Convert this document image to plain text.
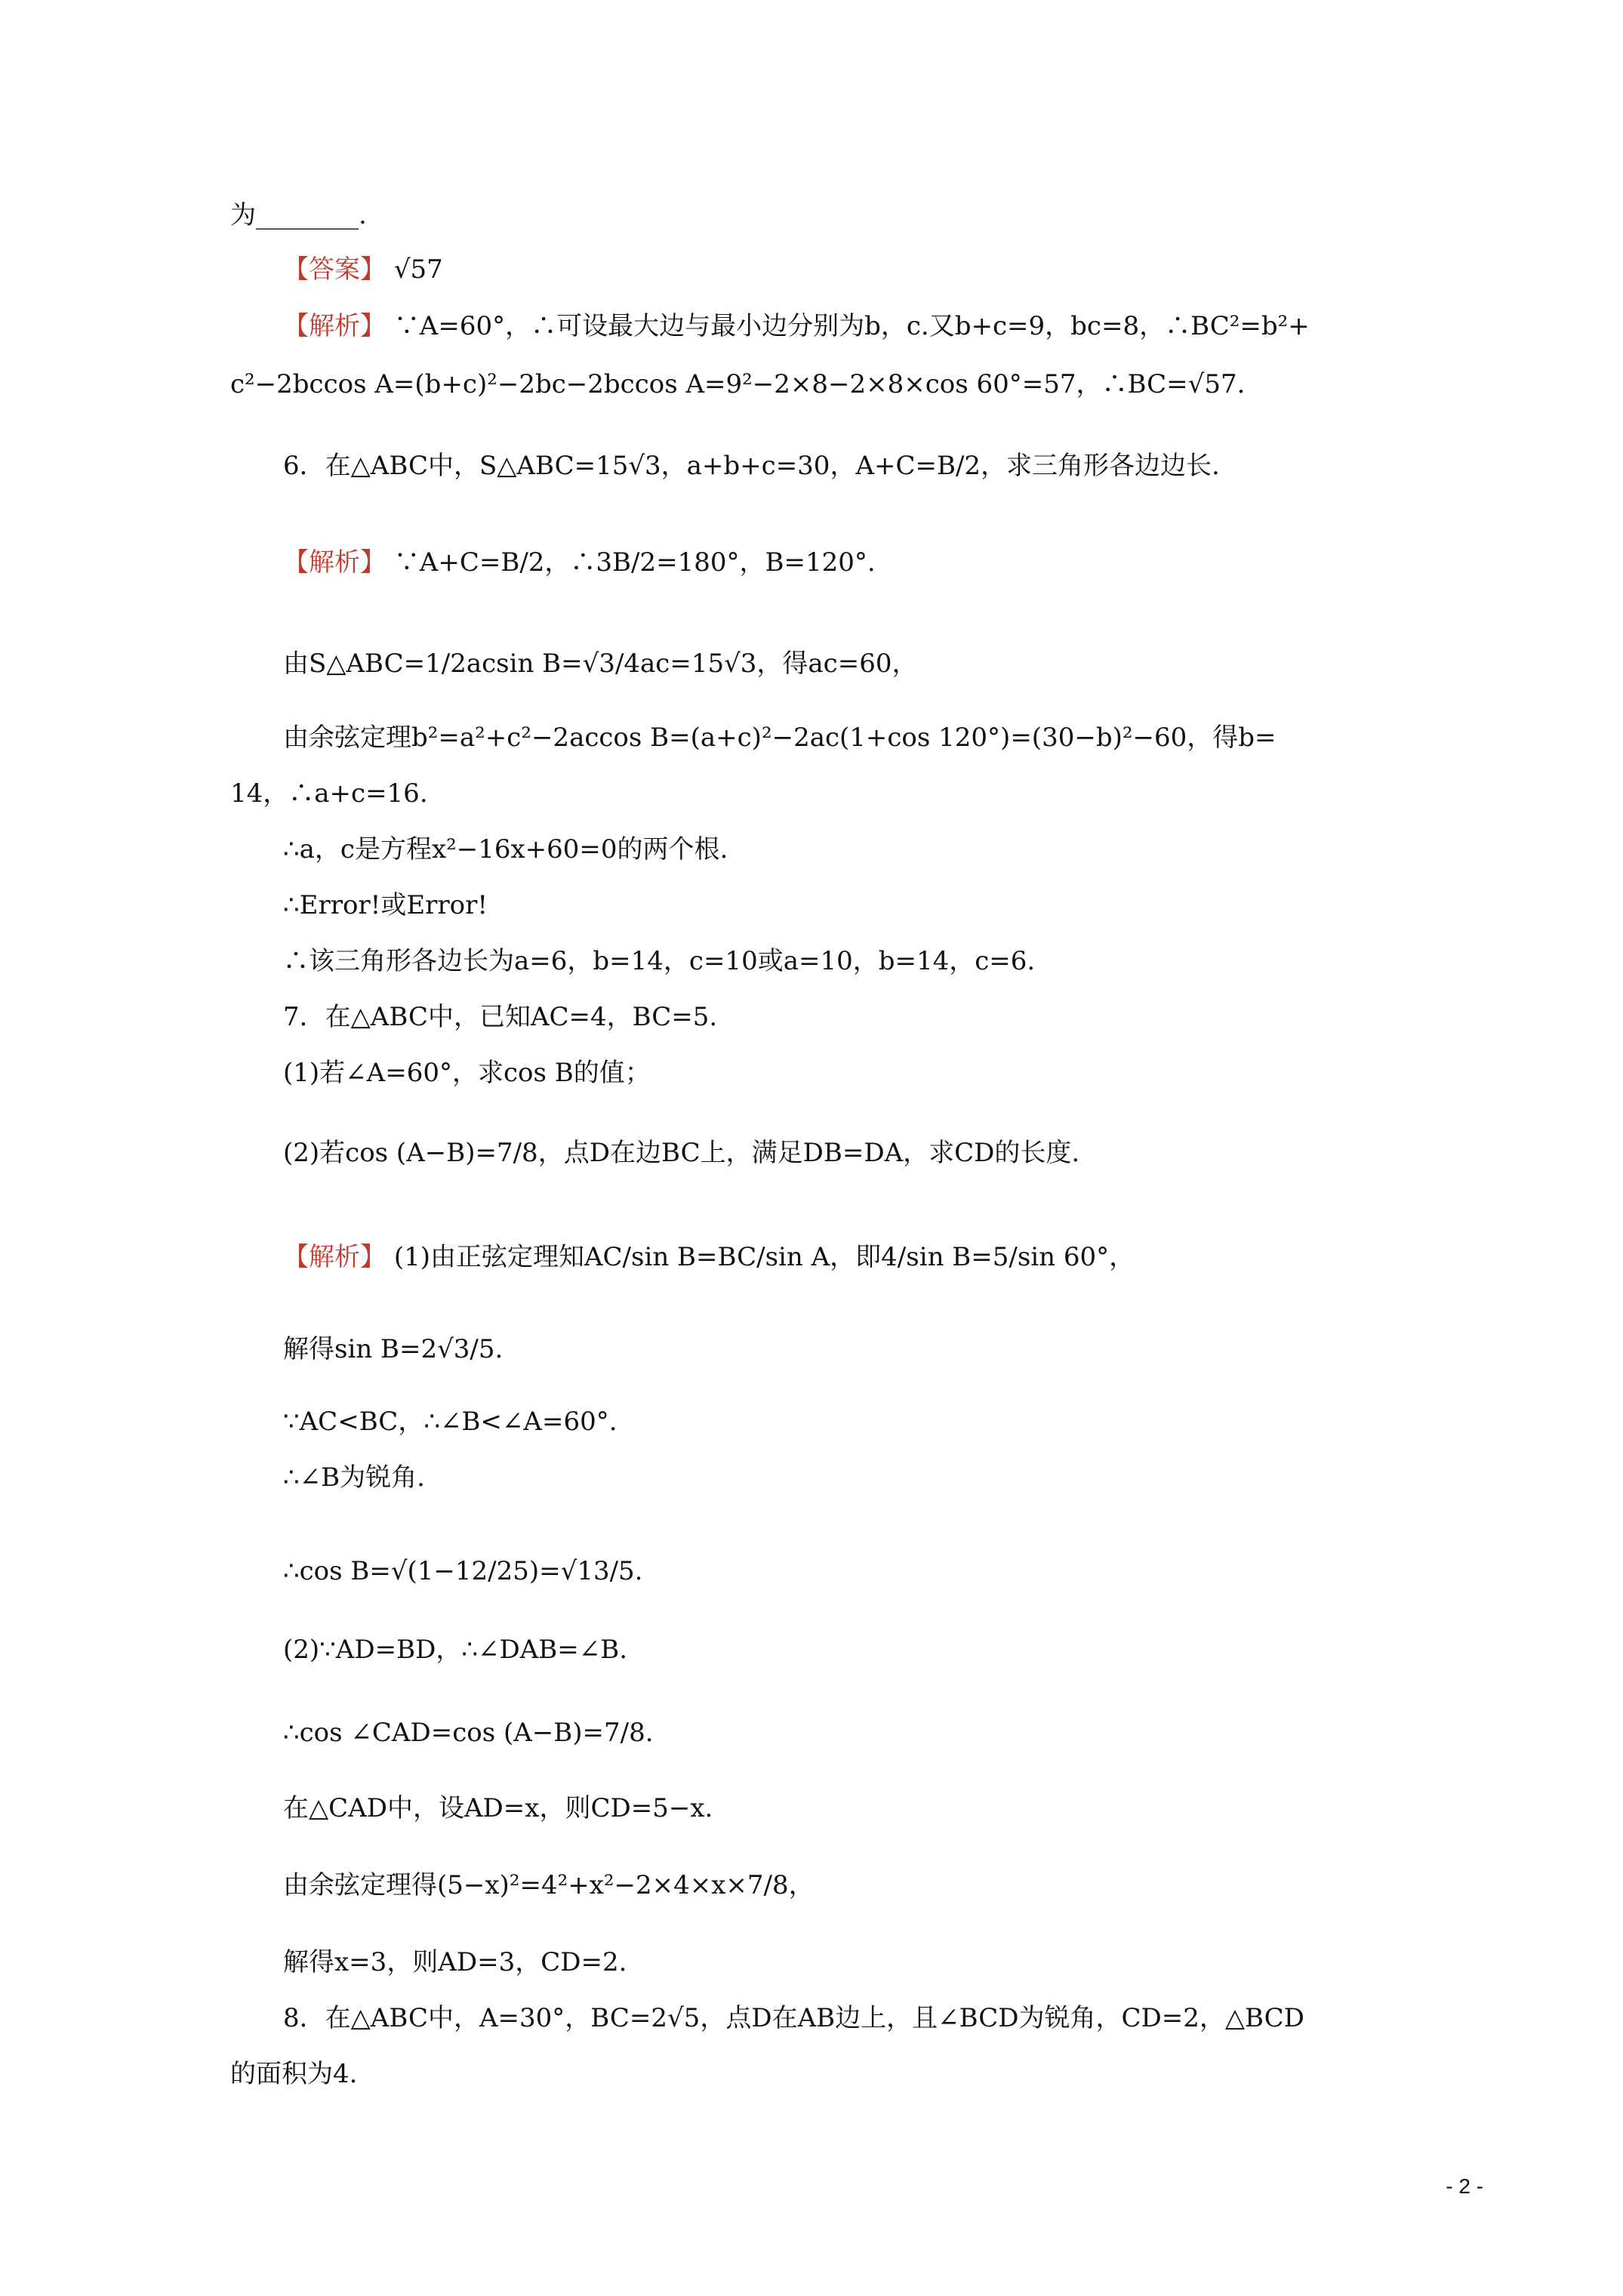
为________.
【答案】 √57
【解析】 ∵A=60°，∴可设最大边与最小边分别为b，c.又b+c=9，bc=8，∴BC²=b²+
c²−2bccos A=(b+c)²−2bc−2bccos A=9²−2×8−2×8×cos 60°=57，∴BC=√57.
6．在△ABC中，S△ABC=15√3，a+b+c=30，A+C=B/2，求三角形各边边长.
【解析】 ∵A+C=B/2，∴3B/2=180°，B=120°.
由S△ABC=1/2acsin B=√3/4ac=15√3，得ac=60，
由余弦定理b²=a²+c²−2accos B=(a+c)²−2ac(1+cos 120°)=(30−b)²−60，得b=
14，∴a+c=16.
∴a，c是方程x²−16x+60=0的两个根.
∴Error!或Error!
∴该三角形各边长为a=6，b=14，c=10或a=10，b=14，c=6.
7．在△ABC中，已知AC=4，BC=5.
(1)若∠A=60°，求cos B的值；
(2)若cos (A−B)=7/8，点D在边BC上，满足DB=DA，求CD的长度.
【解析】 (1)由正弦定理知AC/sin B=BC/sin A，即4/sin B=5/sin 60°，
解得sin B=2√3/5.
∵AC<BC，∴∠B<∠A=60°.
∴∠B为锐角.
∴cos B=√(1−12/25)=√13/5.
(2)∵AD=BD，∴∠DAB=∠B.
∴cos ∠CAD=cos (A−B)=7/8.
在△CAD中，设AD=x，则CD=5−x.
由余弦定理得(5−x)²=4²+x²−2×4×x×7/8，
解得x=3，则AD=3，CD=2.
8．在△ABC中，A=30°，BC=2√5，点D在AB边上，且∠BCD为锐角，CD=2，△BCD
的面积为4.
- 2 -
